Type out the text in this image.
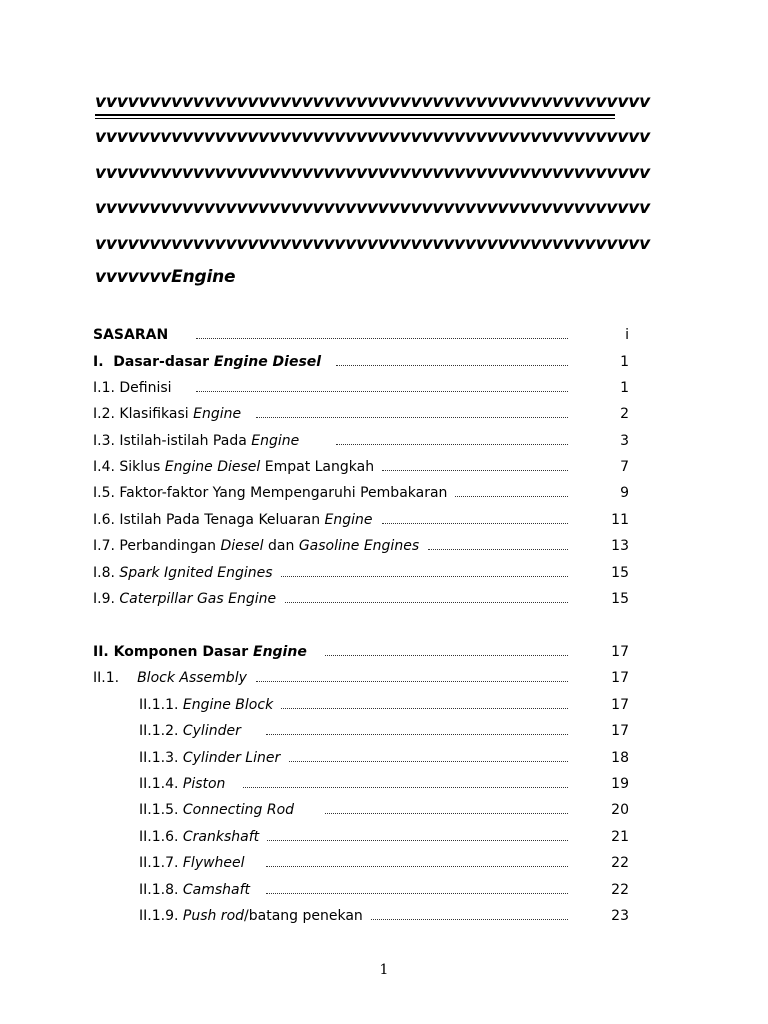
vvvvvvvvvvvvvvvvvvvvvvvvvvvvvvvvvvvvvvvvvvvvvvvvvvv
vvvvvvvvvvvvvvvvvvvvvvvvvvvvvvvvvvvvvvvvvvvvvvvvvvv
vvvvvvvvvvvvvvvvvvvvvvvvvvvvvvvvvvvvvvvvvvvvvvvvvvv
vvvvvvvvvvvvvvvvvvvvvvvvvvvvvvvvvvvvvvvvvvvvvvvvvvv
vvvvvvvvvvvvvvvvvvvvvvvvvvvvvvvvvvvvvvvvvvvvvvvvvvv
vvvvvvvEngine
SASARAN	i
I. Dasar-dasar Engine Diesel	1
I.1. Definisi	1
I.2. Klasifikasi Engine	2
I.3. Istilah-istilah Pada Engine	3
I.4. Siklus Engine Diesel Empat Langkah	7
I.5. Faktor-faktor Yang Mempengaruhi Pembakaran	9
I.6. Istilah Pada Tenaga Keluaran Engine	11
I.7. Perbandingan Diesel dan Gasoline Engines	13
I.8. Spark Ignited Engines	15
I.9. Caterpillar Gas Engine	15
II. Komponen Dasar Engine	17
II.1. Block Assembly	17
II.1.1. Engine Block	17
II.1.2. Cylinder	17
II.1.3. Cylinder Liner	18
II.1.4. Piston	19
II.1.5. Connecting Rod	20
II.1.6. Crankshaft	21
II.1.7. Flywheel	22
II.1.8. Camshaft	22
II.1.9. Push rod/batang penekan	23
1
